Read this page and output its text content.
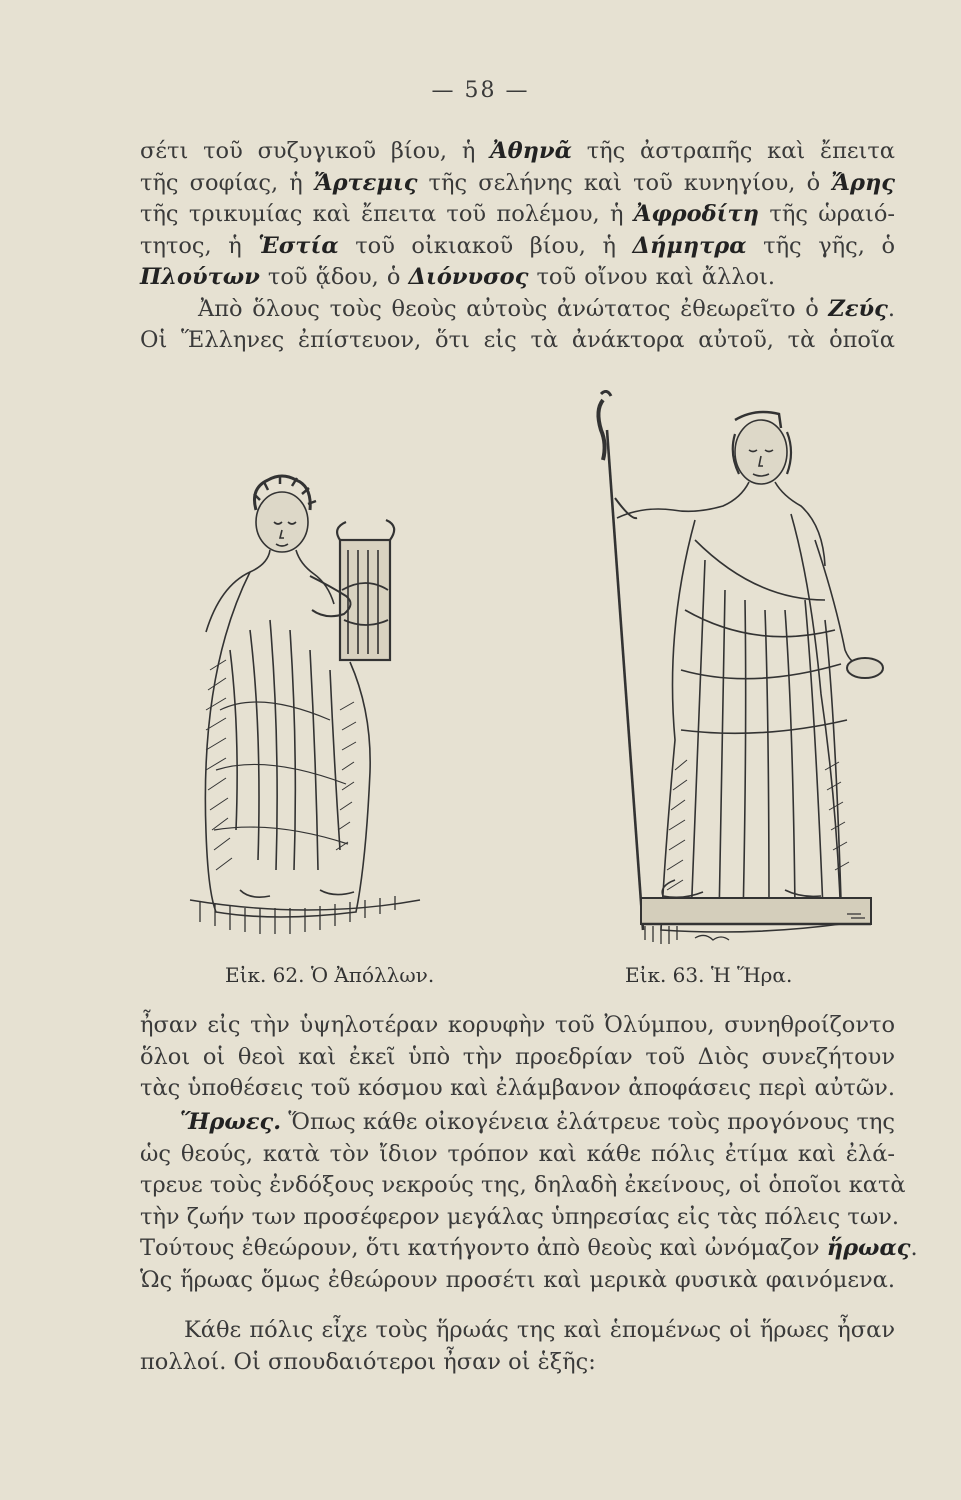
— 58 —
σέτι τοῦ συζυγικοῦ βίου, ἡ Ἀθηνᾶ τῆς ἀστραπῆς καὶ ἔπειτα
τῆς σοφίας, ἡ Ἄρτεμις τῆς σελήνης καὶ τοῦ κυνηγίου, ὁ Ἄρης
τῆς τρικυμίας καὶ ἔπειτα τοῦ πολέμου, ἡ Ἀφροδίτη τῆς ὡραιό-
τητος, ἡ Ἑστία τοῦ οἰκιακοῦ βίου, ἡ Δήμητρα τῆς γῆς, ὁ
Πλούτων τοῦ ᾅδου, ὁ Διόνυσος τοῦ οἴνου καὶ ἄλλοι.
Ἀπὸ ὅλους τοὺς θεοὺς αὐτοὺς ἀνώτατος ἐθεωρεῖτο ὁ Ζεύς.
Οἱ Ἕλληνες ἐπίστευον, ὅτι εἰς τὰ ἀνάκτορα αὐτοῦ, τὰ ὁποῖα
Εἰκ. 62. Ὁ Ἀπόλλων.	Εἰκ. 63. Ἡ Ἥρα.
ἦσαν εἰς τὴν ὑψηλοτέραν κορυφὴν τοῦ Ὀλύμπου, συνηθροίζοντο
ὅλοι οἱ θεοὶ καὶ ἐκεῖ ὑπὸ τὴν προεδρίαν τοῦ Διὸς συνεζήτουν
τὰς ὑποθέσεις τοῦ κόσμου καὶ ἐλάμβανον ἀποφάσεις περὶ αὐτῶν.
Ἥρωες. Ὅπως κάθε οἰκογένεια ἐλάτρευε τοὺς προγόνους της
ὡς θεούς, κατὰ τὸν ἴδιον τρόπον καὶ κάθε πόλις ἐτίμα καὶ ἐλά-
τρευε τοὺς ἐνδόξους νεκρούς της, δηλαδὴ ἐκείνους, οἱ ὁποῖοι κατὰ
τὴν ζωήν των προσέφερον μεγάλας ὑπηρεσίας εἰς τὰς πόλεις των.
Τούτους ἐθεώρουν, ὅτι κατήγοντο ἀπὸ θεοὺς καὶ ὠνόμαζον ἥρωας.
Ὡς ἥρωας ὅμως ἐθεώρουν προσέτι καὶ μερικὰ φυσικὰ φαινόμενα.
Κάθε πόλις εἶχε τοὺς ἥρωάς της καὶ ἑπομένως οἱ ἥρωες ἦσαν
πολλοί. Οἱ σπουδαιότεροι ἦσαν οἱ ἑξῆς:
